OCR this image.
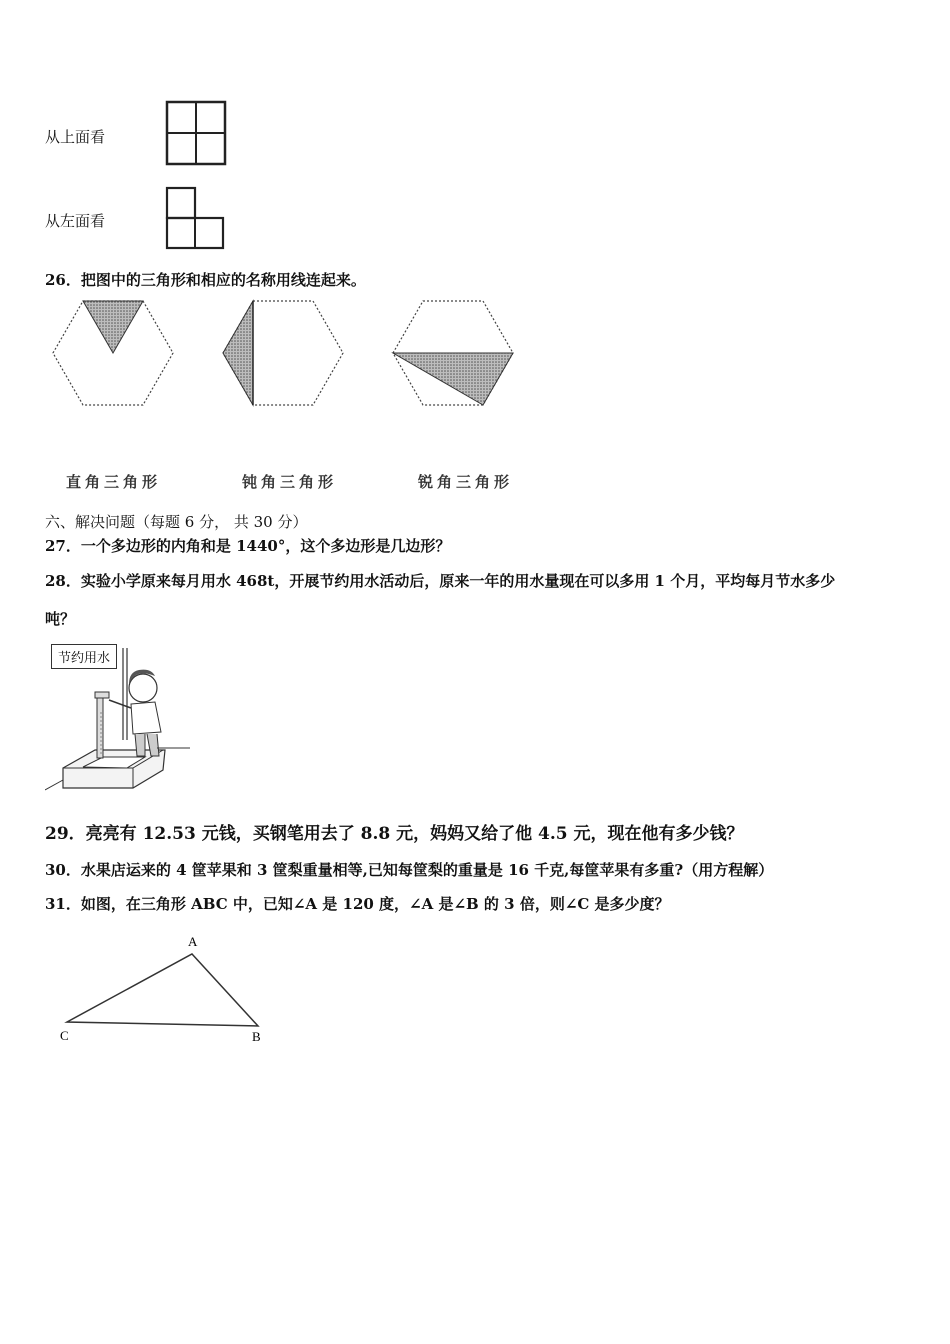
从上面看
从左面看
26．把图中的三角形和相应的名称用线连起来。
直角三角形	钝角三角形	锐角三角形
六、解决问题（每题 6 分， 共 30 分）
27．一个多边形的内角和是 1440°，这个多边形是几边形？
28．实验小学原来每月用水 468t，开展节约用水活动后，原来一年的用水量现在可以多用 1 个月，平均每月节水多少
吨？
节约用水
29．亮亮有 12.53 元钱，买钢笔用去了 8.8 元，妈妈又给了他 4.5 元，现在他有多少钱？
30．水果店运来的 4 筐苹果和 3 筐梨重量相等,已知每筐梨的重量是 16 千克,每筐苹果有多重?（用方程解）
31．如图，在三角形 ABC 中，已知∠A 是 120 度，∠A 是∠B 的 3 倍，则∠C 是多少度？
A
B
C
